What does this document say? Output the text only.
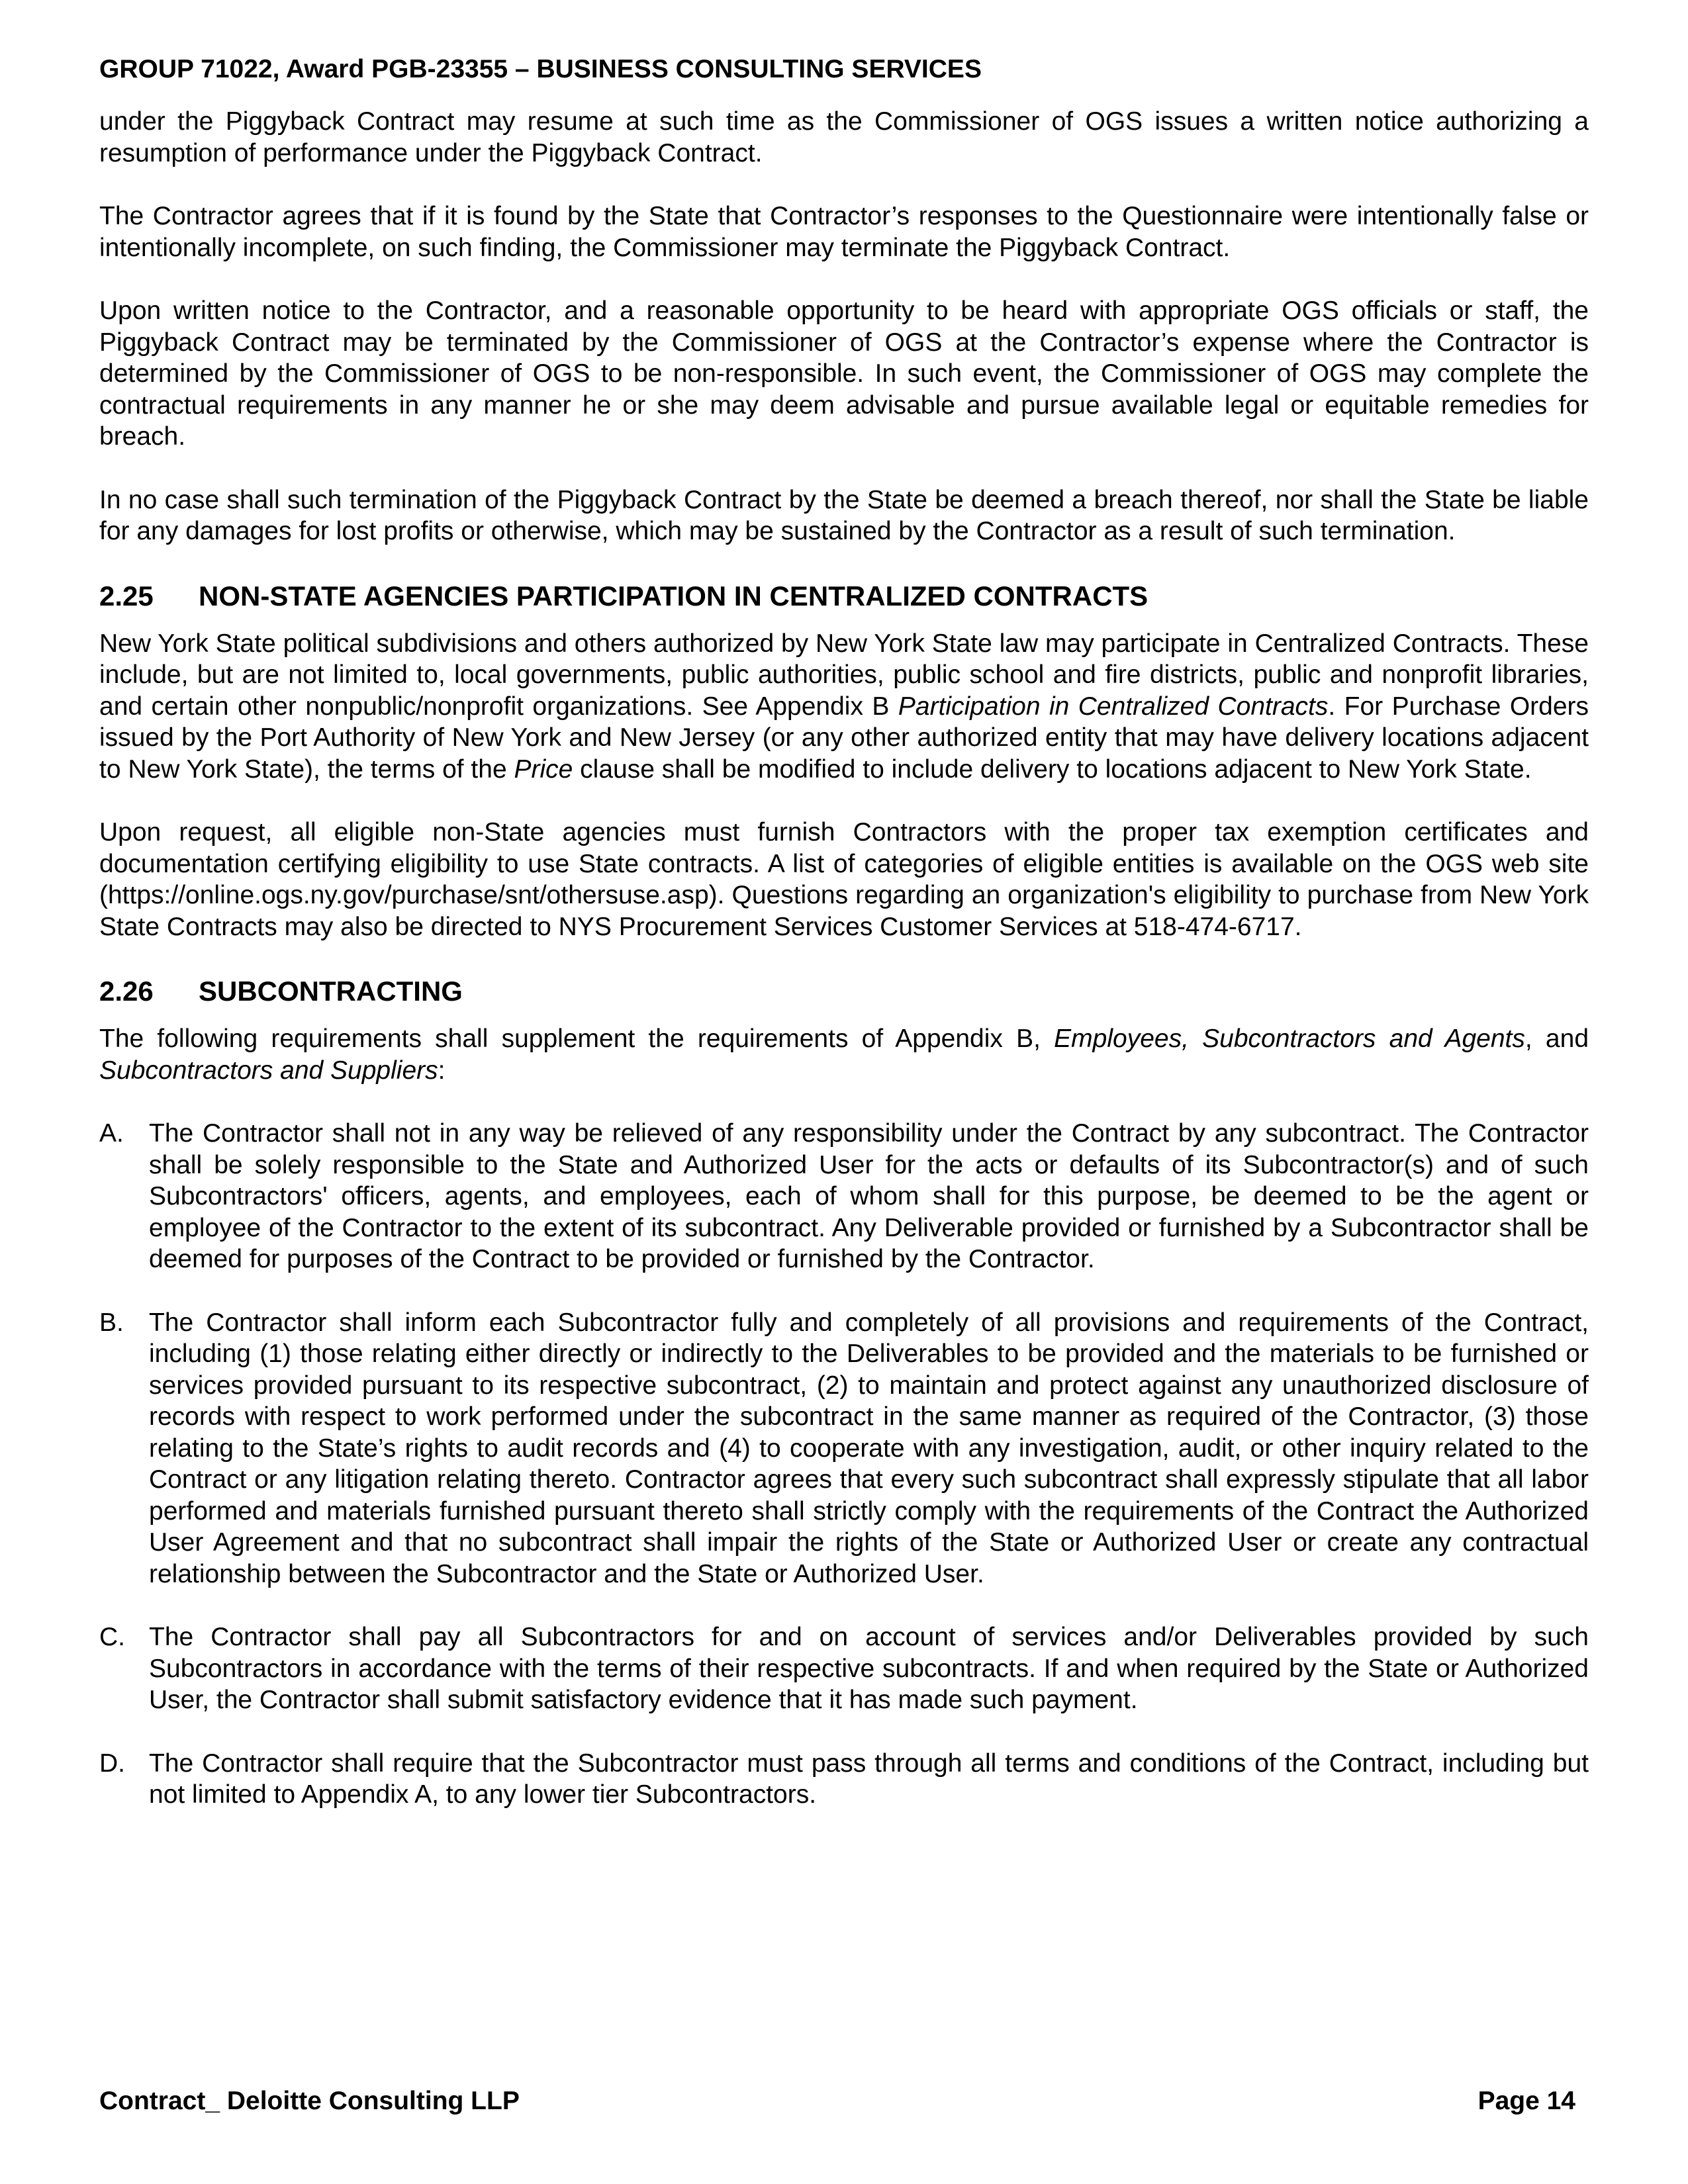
GROUP 71022, Award PGB-23355 – BUSINESS CONSULTING SERVICES

under the Piggyback Contract may resume at such time as the Commissioner of OGS issues a written notice authorizing a resumption of performance under the Piggyback Contract.

The Contractor agrees that if it is found by the State that Contractor’s responses to the Questionnaire were intentionally false or intentionally incomplete, on such finding, the Commissioner may terminate the Piggyback Contract.

Upon written notice to the Contractor, and a reasonable opportunity to be heard with appropriate OGS officials or staff, the Piggyback Contract may be terminated by the Commissioner of OGS at the Contractor’s expense where the Contractor is determined by the Commissioner of OGS to be non-responsible. In such event, the Commissioner of OGS may complete the contractual requirements in any manner he or she may deem advisable and pursue available legal or equitable remedies for breach.

In no case shall such termination of the Piggyback Contract by the State be deemed a breach thereof, nor shall the State be liable for any damages for lost profits or otherwise, which may be sustained by the Contractor as a result of such termination.

2.25	NON-STATE AGENCIES PARTICIPATION IN CENTRALIZED CONTRACTS

New York State political subdivisions and others authorized by New York State law may participate in Centralized Contracts. These include, but are not limited to, local governments, public authorities, public school and fire districts, public and nonprofit libraries, and certain other nonpublic/nonprofit organizations. See Appendix B Participation in Centralized Contracts. For Purchase Orders issued by the Port Authority of New York and New Jersey (or any other authorized entity that may have delivery locations adjacent to New York State), the terms of the Price clause shall be modified to include delivery to locations adjacent to New York State.

Upon request, all eligible non-State agencies must furnish Contractors with the proper tax exemption certificates and documentation certifying eligibility to use State contracts. A list of categories of eligible entities is available on the OGS web site (https://online.ogs.ny.gov/purchase/snt/othersuse.asp). Questions regarding an organization's eligibility to purchase from New York State Contracts may also be directed to NYS Procurement Services Customer Services at 518-474-6717.

2.26	SUBCONTRACTING

The following requirements shall supplement the requirements of Appendix B, Employees, Subcontractors and Agents, and Subcontractors and Suppliers:

A. The Contractor shall not in any way be relieved of any responsibility under the Contract by any subcontract. The Contractor shall be solely responsible to the State and Authorized User for the acts or defaults of its Subcontractor(s) and of such Subcontractors' officers, agents, and employees, each of whom shall for this purpose, be deemed to be the agent or employee of the Contractor to the extent of its subcontract. Any Deliverable provided or furnished by a Subcontractor shall be deemed for purposes of the Contract to be provided or furnished by the Contractor.
B. The Contractor shall inform each Subcontractor fully and completely of all provisions and requirements of the Contract, including (1) those relating either directly or indirectly to the Deliverables to be provided and the materials to be furnished or services provided pursuant to its respective subcontract, (2) to maintain and protect against any unauthorized disclosure of records with respect to work performed under the subcontract in the same manner as required of the Contractor, (3) those relating to the State’s rights to audit records and (4) to cooperate with any investigation, audit, or other inquiry related to the Contract or any litigation relating thereto. Contractor agrees that every such subcontract shall expressly stipulate that all labor performed and materials furnished pursuant thereto shall strictly comply with the requirements of the Contract the Authorized User Agreement and that no subcontract shall impair the rights of the State or Authorized User or create any contractual relationship between the Subcontractor and the State or Authorized User.
C. The Contractor shall pay all Subcontractors for and on account of services and/or Deliverables provided by such Subcontractors in accordance with the terms of their respective subcontracts. If and when required by the State or Authorized User, the Contractor shall submit satisfactory evidence that it has made such payment.
D. The Contractor shall require that the Subcontractor must pass through all terms and conditions of the Contract, including but not limited to Appendix A, to any lower tier Subcontractors.
Contract_ Deloitte Consulting LLP	Page 14
